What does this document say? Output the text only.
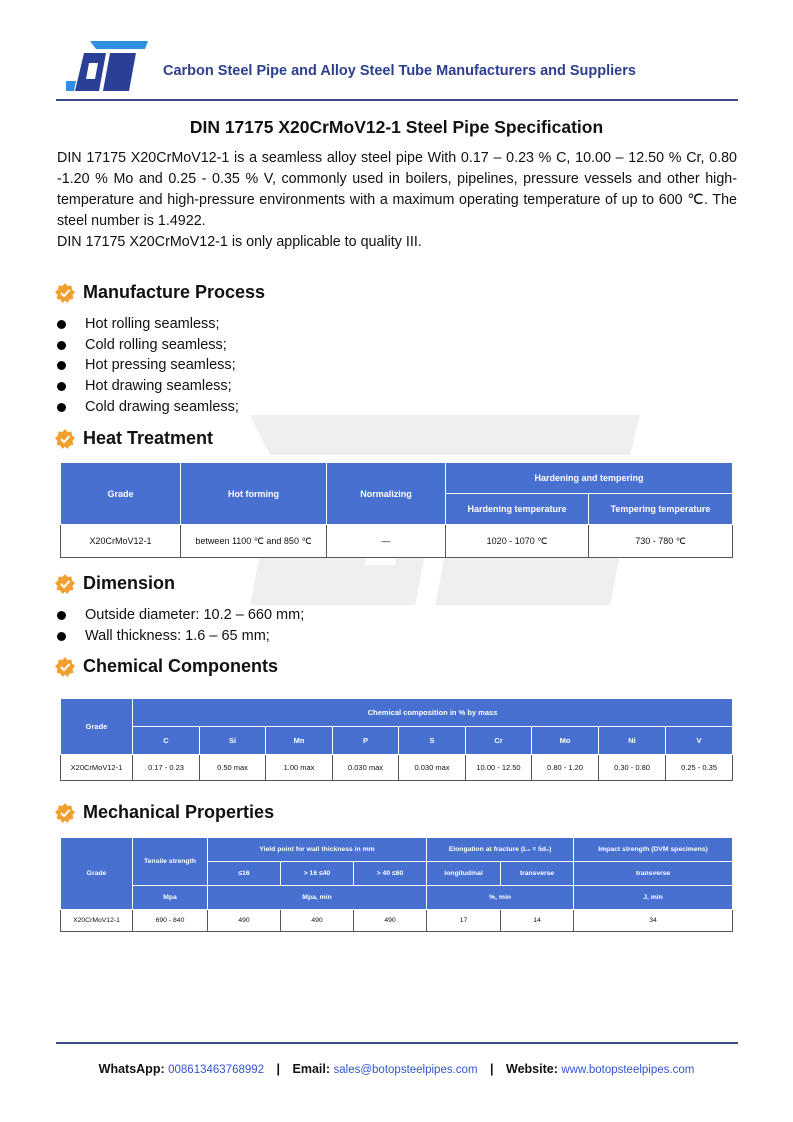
Carbon Steel Pipe and Alloy Steel Tube Manufacturers and Suppliers
DIN 17175 X20CrMoV12-1 Steel Pipe Specification

DIN 17175 X20CrMoV12-1 is a seamless alloy steel pipe With 0.17 – 0.23 % C, 10.00 – 12.50 % Cr, 0.80 -1.20 % Mo and 0.25 - 0.35 % V, commonly used in boilers, pipelines, pressure vessels and other high-temperature and high-pressure environments with a maximum operating temperature of up to 600 ℃. The steel number is 1.4922.

DIN 17175 X20CrMoV12-1 is only applicable to quality III.

Manufacture Process
Hot rolling seamless;
Cold rolling seamless;
Hot pressing seamless;
Hot drawing seamless;
Cold drawing seamless;
Heat Treatment
Grade	Hot forming	Normalizing	Hardening and tempering	
			Hardening temperature	Tempering temperature
X20CrMoV12-1	between 1100 ℃ and 850 ℃	—	1020 - 1070 ℃	730 - 780 ℃
Dimension
Outside diameter: 10.2 – 660 mm;
Wall thickness: 1.6 – 65 mm;
Chemical Components
Grade	Chemical composition in % by mass								
	C	Si	Mn	P	S	Cr	Mo	Ni	V
X20CrMoV12-1	0.17 - 0.23	0.50 max	1.00 max	0.030 max	0.030 max	10.00 - 12.50	0.80 - 1.20	0.30 - 0.80	0.25 - 0.35
Mechanical Properties
Grade	Tensile strength	Yield point for wall thickness in mm			Elongation at fracture (L₀ = 5d₀)		Impact strength (DVM specimens)
		≤16	> 16 ≤40	> 40 ≤60	longitudinal	transverse	transverse
	Mpa	Mpa, min			%, min		J, min
X20CrMoV12-1	690 - 840	490	490	490	17	14	34
WhatsApp: 008613463768992 | Email: sales@botopsteelpipes.com | Website: www.botopsteelpipes.com
